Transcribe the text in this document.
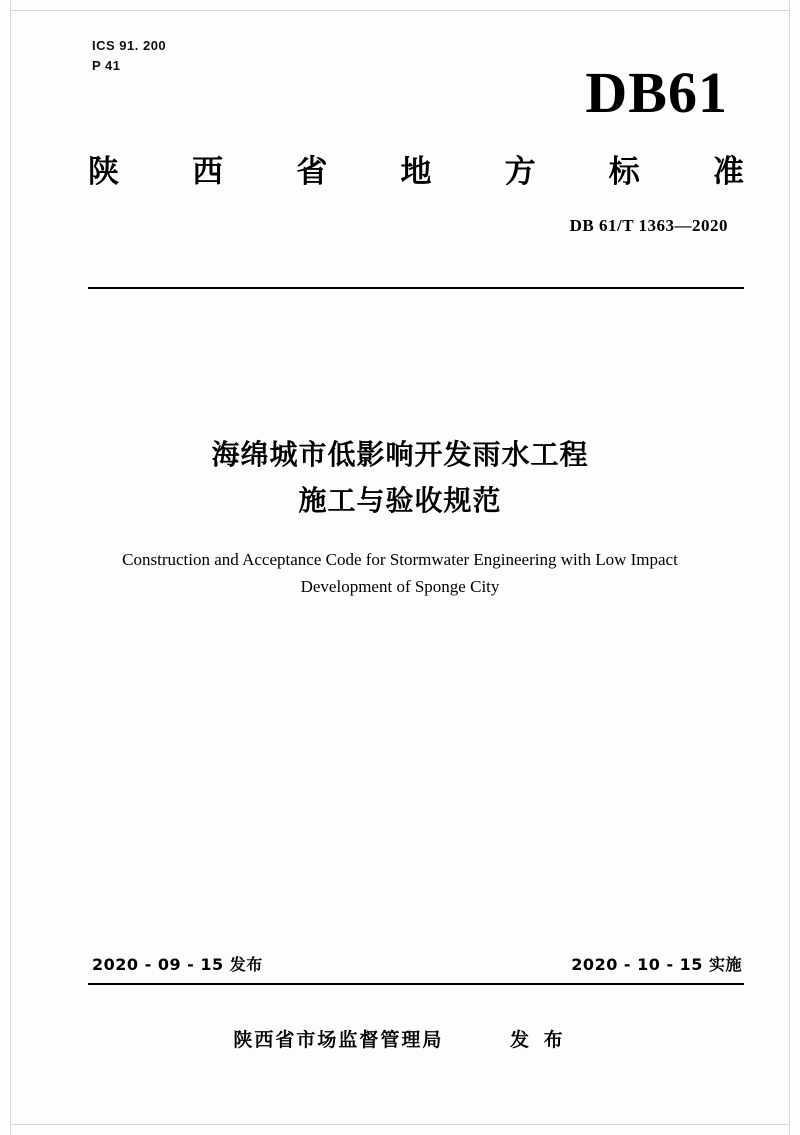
ICS 91. 200
P 41	DB61
陕 西 省 地 方 标 准
DB 61/T 1363—2020
海绵城市低影响开发雨水工程
施工与验收规范
Construction and Acceptance Code for Stormwater Engineering with Low Impact Development of Sponge City
2020 - 09 - 15 发布	2020 - 10 - 15 实施
陕西省市场监督管理局	发 布
